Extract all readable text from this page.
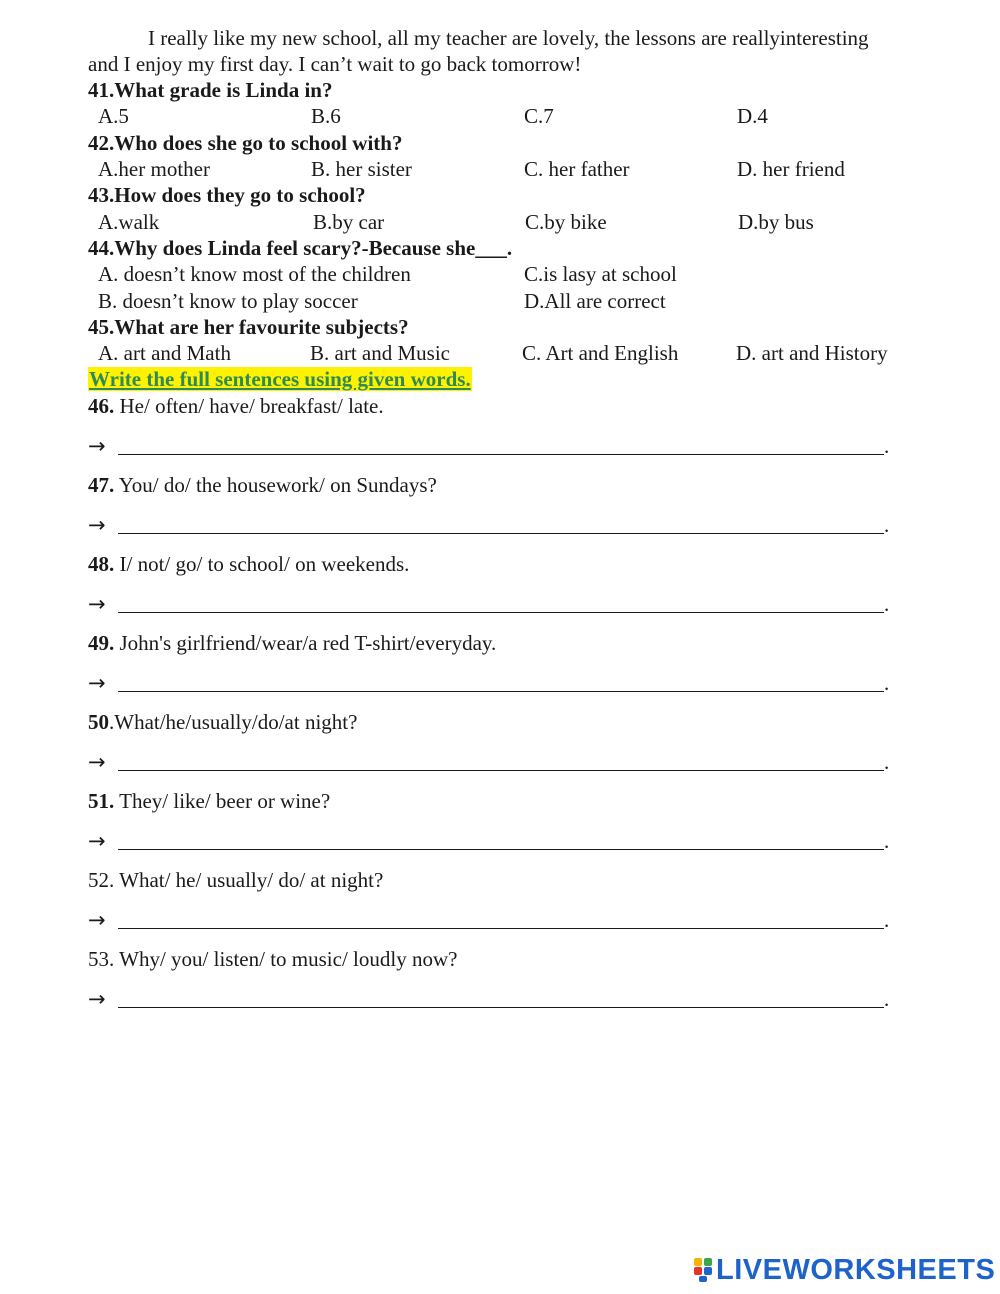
I really like my new school, all my teacher are lovely, the lessons are reallyinteresting
and I enjoy my first day. I can’t wait to go back tomorrow!
41.What grade is Linda in?
A.5	B.6	C.7	D.4
42.Who does she go to school with?
A.her mother	B. her sister	C. her father	D. her friend
43.How does they go to school?
A.walk	B.by car	C.by bike	D.by bus
44.Why does Linda feel scary?-Because she___.
A. doesn’t know most of the children	C.is lasy at school
B. doesn’t know to play soccer	D.All are correct
45.What are her favourite subjects?
A. art and Math	B. art and Music	C. Art and English	D. art and History
Write the full sentences using given words.
46. He/ often/ have/ breakfast/ late.
→	.
47. You/ do/ the housework/ on Sundays?
→	.
48. I/ not/ go/ to school/ on weekends.
→	.
49. John's girlfriend/wear/a red T-shirt/everyday.
→	.
50.What/he/usually/do/at night?
→	.
51. They/ like/ beer or wine?
→	.
52. What/ he/ usually/ do/ at night?
→	.
53. Why/ you/ listen/ to music/ loudly now?
→	.
LIVEWORKSHEETS
